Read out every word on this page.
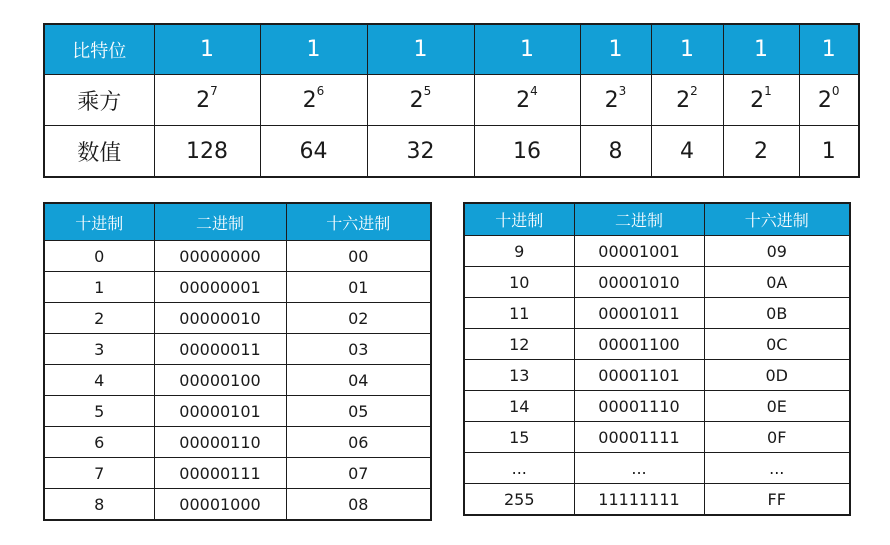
比特位	1	1	1	1	1	1	1	1
乘方	$2^7$	$2^6$	$2^5$	$2^4$	$2^3$	$2^2$	$2^1$	$2^0$
数值	128	64	32	16	8	4	2	1
十进制	二进制	十六进制
0	00000000	00
1	00000001	01
2	00000010	02
3	00000011	03
4	00000100	04
5	00000101	05
6	00000110	06
7	00000111	07
8	00001000	08
十进制	二进制	十六进制
9	00001001	09
10	00001010	0A
11	00001011	0B
12	00001100	0C
13	00001101	0D
14	00001110	0E
15	00001111	0F
...	...	...
255	11111111	FF
